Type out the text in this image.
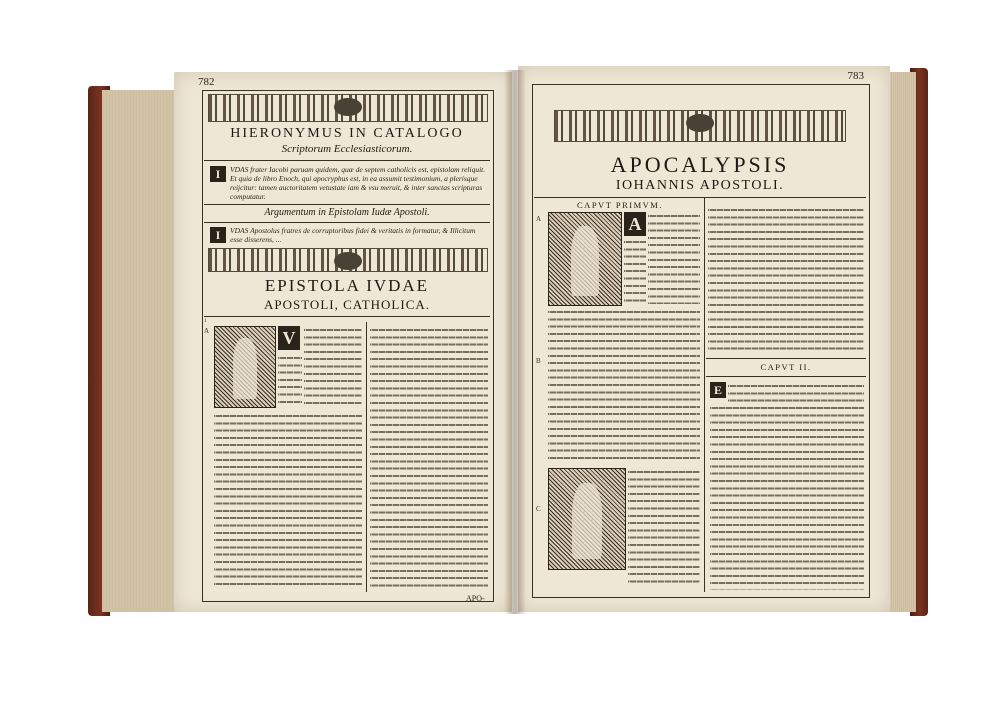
782
HIERONYMUS IN CATALOGO
Scriptorum Ecclesiasticorum.
I	VDAS frater Iacobi paruam quidem, quæ de septem catholicis est, epistolam reliquit. Et quia de libro Enoch, qui apocryphus est, in ea assumit testimonium, a plerisque reijcitur: tamen auctoritatem vetustate iam & vsu meruit, & inter sanctas scripturas computatur.
Argumentum in Epistolam Iudæ Apostoli.
I	VDAS Apostolus fratres de corruptoribus fidei & veritatis in formatur, & Illicitum esse disserens, ...
EPISTOLA IVDAE
APOSTOLI, CATHOLICA.
1
A	V
APO-
783
APOCALYPSIS
IOHANNIS APOSTOLI.
CAPVT PRIMVM.
A	A
B
C
CAPVT II.
E
